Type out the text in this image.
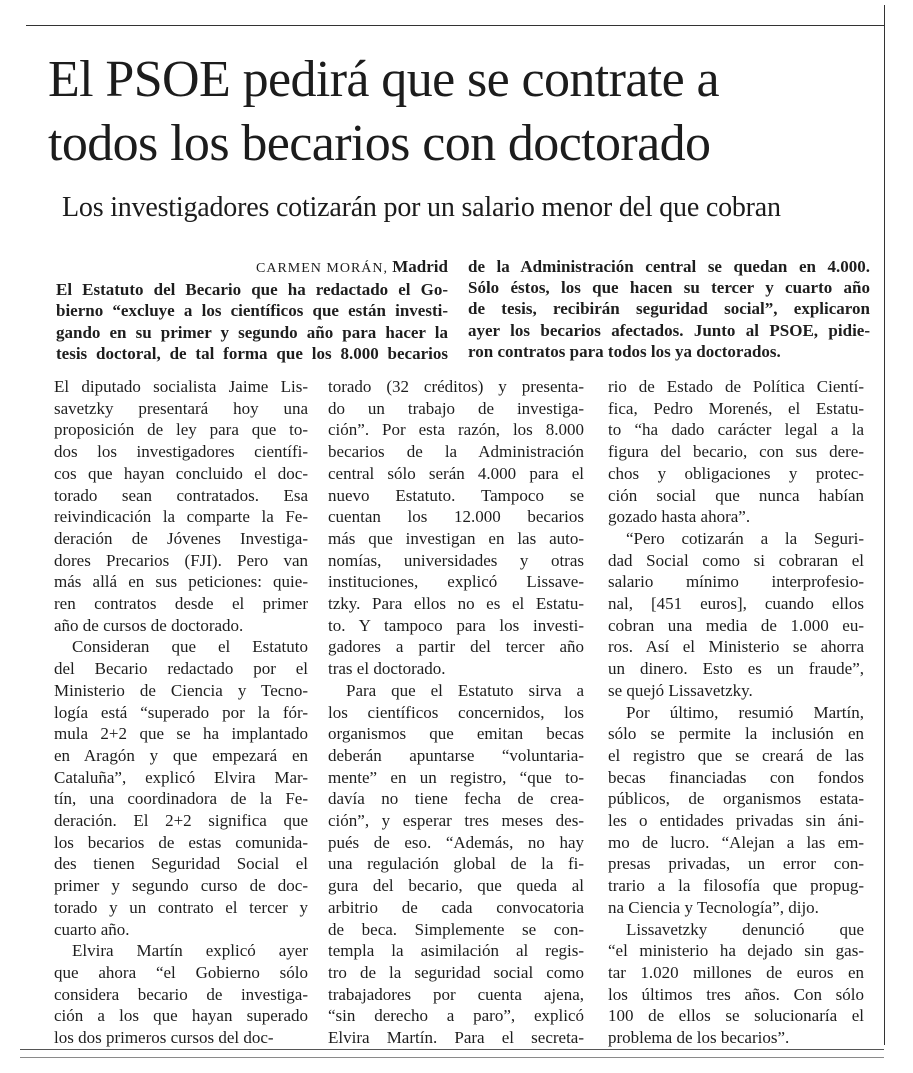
El PSOE pedirá que se contrate a
todos los becarios con doctorado
Los investigadores cotizarán por un salario menor del que cobran
CARMEN MORÁN, Madrid
El Estatuto del Becario que ha redactado el Go-
bierno “excluye a los científicos que están investi-
gando en su primer y segundo año para hacer la
tesis doctoral, de tal forma que los 8.000 becarios
de la Administración central se quedan en 4.000.
Sólo éstos, los que hacen su tercer y cuarto año
de tesis, recibirán seguridad social”, explicaron
ayer los becarios afectados. Junto al PSOE, pidie-
ron contratos para todos los ya doctorados.
El diputado socialista Jaime Lis-
savetzky presentará hoy una
proposición de ley para que to-
dos los investigadores científi-
cos que hayan concluido el doc-
torado sean contratados. Esa
reivindicación la comparte la Fe-
deración de Jóvenes Investiga-
dores Precarios (FJI). Pero van
más allá en sus peticiones: quie-
ren contratos desde el primer
año de cursos de doctorado.
Consideran que el Estatuto
del Becario redactado por el
Ministerio de Ciencia y Tecno-
logía está “superado por la fór-
mula 2+2 que se ha implantado
en Aragón y que empezará en
Cataluña”, explicó Elvira Mar-
tín, una coordinadora de la Fe-
deración. El 2+2 significa que
los becarios de estas comunida-
des tienen Seguridad Social el
primer y segundo curso de doc-
torado y un contrato el tercer y
cuarto año.
Elvira Martín explicó ayer
que ahora “el Gobierno sólo
considera becario de investiga-
ción a los que hayan superado
los dos primeros cursos del doc-
torado (32 créditos) y presenta-
do un trabajo de investiga-
ción”. Por esta razón, los 8.000
becarios de la Administración
central sólo serán 4.000 para el
nuevo Estatuto. Tampoco se
cuentan los 12.000 becarios
más que investigan en las auto-
nomías, universidades y otras
instituciones, explicó Lissave-
tzky. Para ellos no es el Estatu-
to. Y tampoco para los investi-
gadores a partir del tercer año
tras el doctorado.
Para que el Estatuto sirva a
los científicos concernidos, los
organismos que emitan becas
deberán apuntarse “voluntaria-
mente” en un registro, “que to-
davía no tiene fecha de crea-
ción”, y esperar tres meses des-
pués de eso. “Además, no hay
una regulación global de la fi-
gura del becario, que queda al
arbitrio de cada convocatoria
de beca. Simplemente se con-
templa la asimilación al regis-
tro de la seguridad social como
trabajadores por cuenta ajena,
“sin derecho a paro”, explicó
Elvira Martín. Para el secreta-
rio de Estado de Política Cientí-
fica, Pedro Morenés, el Estatu-
to “ha dado carácter legal a la
figura del becario, con sus dere-
chos y obligaciones y protec-
ción social que nunca habían
gozado hasta ahora”.
“Pero cotizarán a la Seguri-
dad Social como si cobraran el
salario mínimo interprofesio-
nal, [451 euros], cuando ellos
cobran una media de 1.000 eu-
ros. Así el Ministerio se ahorra
un dinero. Esto es un fraude”,
se quejó Lissavetzky.
Por último, resumió Martín,
sólo se permite la inclusión en
el registro que se creará de las
becas financiadas con fondos
públicos, de organismos estata-
les o entidades privadas sin áni-
mo de lucro. “Alejan a las em-
presas privadas, un error con-
trario a la filosofía que propug-
na Ciencia y Tecnología”, dijo.
Lissavetzky denunció que
“el ministerio ha dejado sin gas-
tar 1.020 millones de euros en
los últimos tres años. Con sólo
100 de ellos se solucionaría el
problema de los becarios”.
